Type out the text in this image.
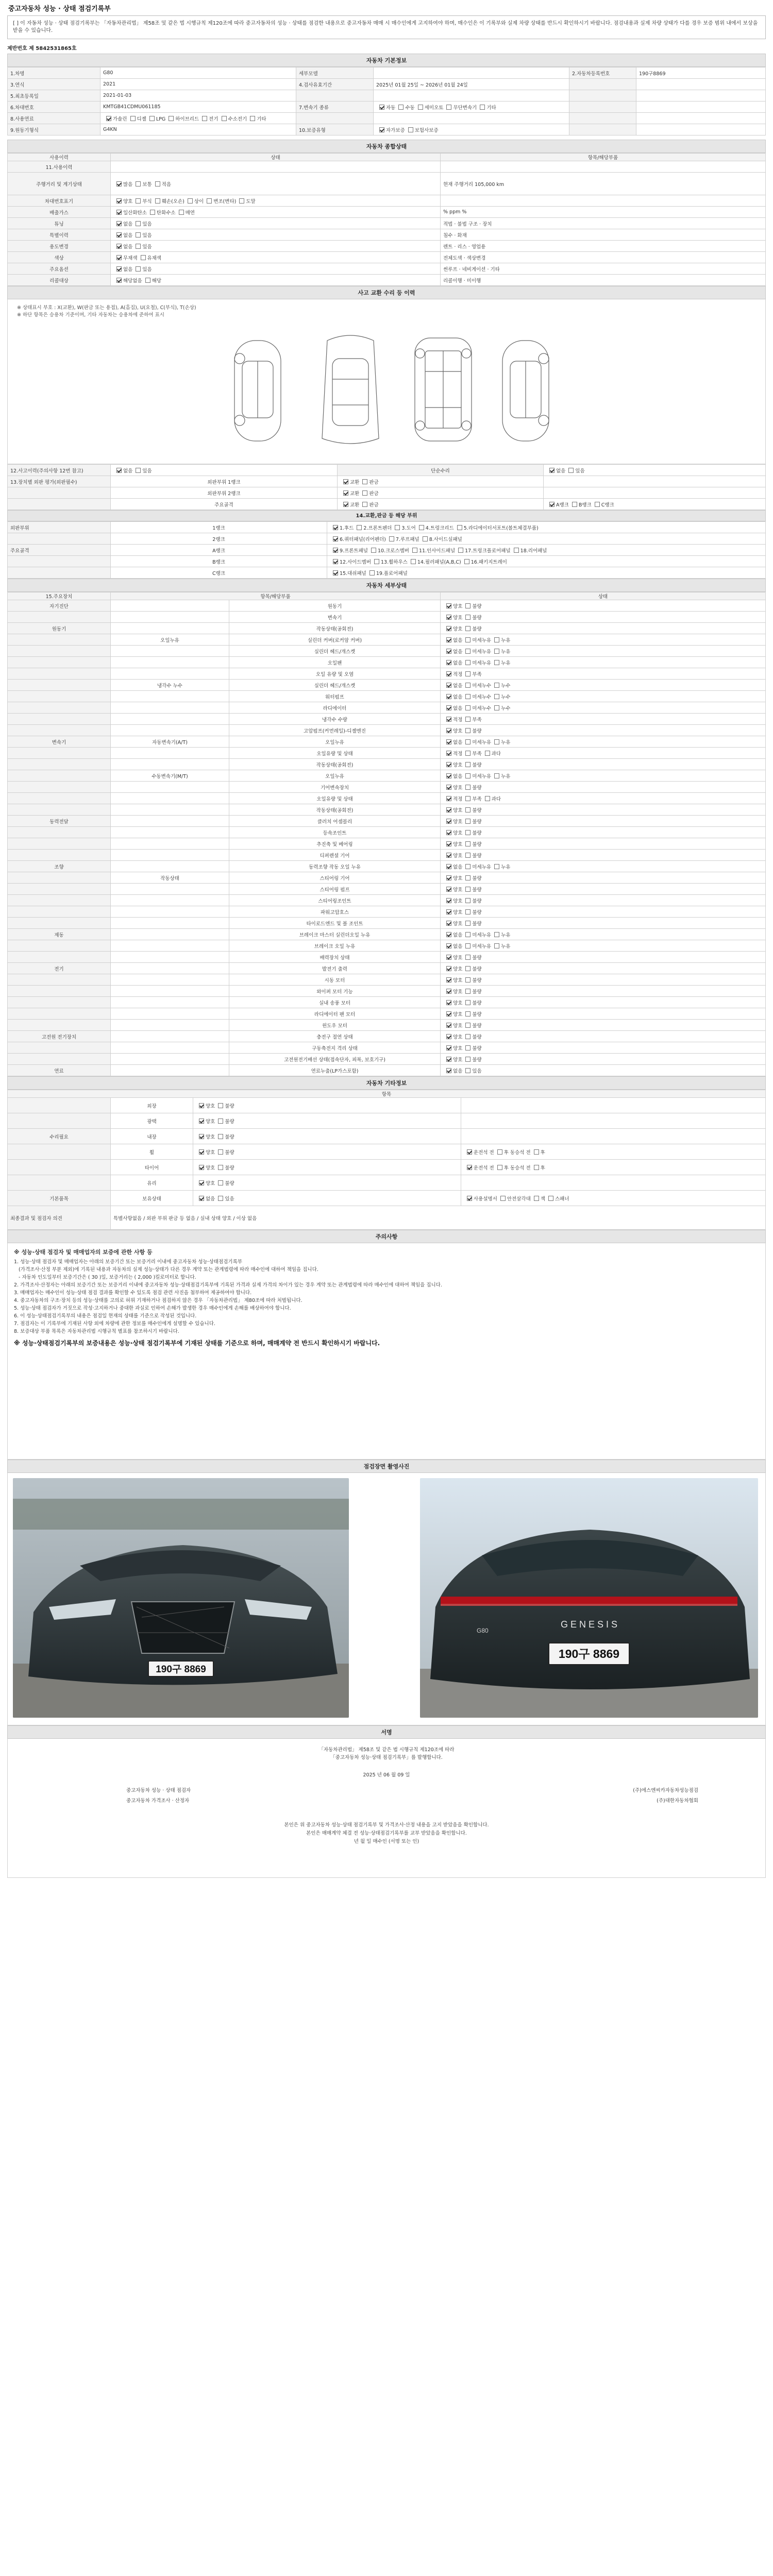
중고자동차 성능 · 상태 점검기록부
[ ] 이 자동차 성능 · 상태 점검기록부는 「자동차관리법」 제58조 및 같은 법 시행규칙 제120조에 따라 중고자동차의 성능 · 상태를 점검한 내용으로 중고자동차 매매 시 매수인에게 고지하여야 하며, 매수인은 이 기록부와 실제 차량 상태를 반드시 확인하시기 바랍니다. 점검내용과 실제 차량 상태가 다를 경우 보증 범위 내에서 보상을 받을 수 있습니다.
제반번호 제 5842531865호
자동차 기본정보
1.차명	G80	세부모델		2.자동차등록번호	190구8869
3.연식	2021	4.검사유효기간	2025년 01월 25일 ~ 2026년 01월 24일		
5.최초등록일	2021-01-03				
6.차대번호	KMTGB41CDMU061185	7.변속기 종류	자동 수동 세미오토 무단변속기 기타		
8.사용연료	가솔린 디젤 LPG 하이브리드 전기 수소전기 기타				
9.원동기형식	G4KN	10.보증유형	자가보증 보험사보증		
자동차 종합상태
사용이력	상태	항목/해당부품
11.사용이력		
주행거리 및 계기상태	많음 보통 적음	현재 주행거리 105,000 km
차대번호표기	양호 부식 훼손(오손) 상이 변조(변타) 도말	
배출가스	일산화탄소 탄화수소 매연	% ppm %
튜닝	없음 있음	적법 · 불법 구조 · 장치
특별이력	없음 있음	침수 · 화재
용도변경	없음 있음	렌트 · 리스 · 영업용
색상	무채색 유채색	전체도색 · 색상변경
주요옵션	없음 있음	썬루프 · 네비게이션 · 기타
리콜대상	해당없음 해당	리콜이행 · 미이행
사고 교환 수리 등 이력
※ 상태표시 부호 : X(교환), W(판금 또는 용접), A(흠집), U(요철), C(부식), T(손상)
※ 하단 항목은 승용차 기준이며, 기타 자동차는 승용차에 준하여 표시
12.사고이력(주의사항 12번 참고)	없음 있음	단순수리	없음 있음
13.장치별 외판 평가(외판필수)	외판부위 1랭크	교환 판금	
	외판부위 2랭크	교환 판금	
	주요골격	교환 판금	A랭크 B랭크 C랭크
14.교환,판금 등 해당 부위
외판부위	1랭크	1.후드 2.프론트펜더 3.도어 4.트렁크리드 5.라디에이터서포트(볼트체결부품)
	2랭크	6.쿼터패널(리어펜더) 7.루프패널 8.사이드실패널
주요골격	A랭크	9.프론트패널 10.크로스멤버 11.인사이드패널 17.트렁크플로어패널 18.리어패널
	B랭크	12.사이드멤버 13.휠하우스 14.필러패널(A,B,C) 16.패키지트레이
	C랭크	15.대쉬패널 19.플로어패널
자동차 세부상태
15.주요장치	항목/해당부품		상태
자기진단		원동기	양호 불량
		변속기	양호 불량
원동기		작동상태(공회전)	양호 불량
	오일누유	실린더 커버(로커암 커버)	없음 미세누유 누유
		실린더 헤드/개스켓	없음 미세누유 누유
		오일팬	없음 미세누유 누유
		오일 유량 및 오염	적정 부족
	냉각수 누수	실린더 헤드/개스켓	없음 미세누수 누수
		워터펌프	없음 미세누수 누수
		라디에이터	없음 미세누수 누수
		냉각수 수량	적정 부족
		고압펌프(커먼레일)-디젤엔진	양호 불량
변속기	자동변속기(A/T)	오일누유	없음 미세누유 누유
		오일유량 및 상태	적정 부족 과다
		작동상태(공회전)	양호 불량
	수동변속기(M/T)	오일누유	없음 미세누유 누유
		기어변속장치	양호 불량
		오일유량 및 상태	적정 부족 과다
		작동상태(공회전)	양호 불량
동력전달		클러치 어셈블리	양호 불량
		등속조인트	양호 불량
		추진축 및 베어링	양호 불량
		디퍼렌셜 기어	양호 불량
조향		동력조향 작동 오일 누유	없음 미세누유 누유
	작동상태	스티어링 기어	양호 불량
		스티어링 펌프	양호 불량
		스티어링조인트	양호 불량
		파워고압호스	양호 불량
		타이로드엔드 및 볼 조인트	양호 불량
제동		브레이크 마스터 실린더오일 누유	없음 미세누유 누유
		브레이크 오일 누유	없음 미세누유 누유
		배력장치 상태	양호 불량
전기		발전기 출력	양호 불량
		시동 모터	양호 불량
		와이퍼 모터 기능	양호 불량
		실내 송풍 모터	양호 불량
		라디에이터 팬 모터	양호 불량
		윈도우 모터	양호 불량
고전원 전기장치		충전구 절연 상태	양호 불량
		구동축전지 격리 상태	양호 불량
		고전원전기배선 상태(접속단자, 피복, 보호기구)	양호 불량
연료		연료누출(LP가스포함)	없음 있음
자동차 기타정보
항목			
	외장	양호 불량	
	광택	양호 불량	
수리필요	내장	양호 불량	
	휠	양호 불량	운전석 전 후 동승석 전 후
	타이어	양호 불량	운전석 전 후 동승석 전 후
	유리	양호 불량	
기본품목	보유상태	없음 있음	사용설명서 안전삼각대 잭 스패너
최종결과 및 점검자 의견	특별사항없음 / 외판 부위 판금 등 없음 / 실내 상태 양호 / 이상 없음		
주의사항
※ 성능·상태 점검자 및 매매업자의 보증에 관한 사항 등
1. 성능·상태 점검자 및 매매업자는 아래의 보증기간 또는 보증거리 이내에 중고자동차 성능·상태점검기록부
(가격조사·산정 부분 제외)에 기록된 내용과 자동차의 실제 성능·상태가 다른 경우 계약 또는 관계법령에 따라 매수인에 대하여 책임을 집니다.
- 자동차 인도일부터 보증기간은 ( 30 )일, 보증거리는 ( 2,000 )킬로미터로 합니다.
2. 가격조사·산정자는 아래의 보증기간 또는 보증거리 이내에 중고자동차 성능·상태점검기록부에 기록된 가격과 실제 가격의 차이가 있는 경우 계약 또는 관계법령에 따라 매수인에 대하여 책임을 집니다.
3. 매매업자는 매수인이 성능·상태 점검 결과를 확인할 수 있도록 점검 관련 사진을 첨부하여 제공하여야 합니다.
4. 중고자동차의 구조·장치 등의 성능·상태를 고의로 허위 기재하거나 점검하지 않은 경우 「자동차관리법」 제80조에 따라 처벌됩니다.
5. 성능·상태 점검자가 거짓으로 작성·고지하거나 중대한 과실로 인하여 손해가 발생한 경우 매수인에게 손해를 배상하여야 합니다.
6. 이 성능·상태점검기록부의 내용은 점검일 현재의 상태를 기준으로 작성된 것입니다.
7. 점검자는 이 기록부에 기재된 사항 외에 차량에 관한 정보를 매수인에게 설명할 수 있습니다.
8. 보증대상 부품 목록은 자동차관리법 시행규칙 별표를 참조하시기 바랍니다.
※ 성능·상태점검기록부의 보증내용은 성능·상태 점검기록부에 기재된 상태를 기준으로 하며, 매매계약 전 반드시 확인하시기 바랍니다.
점검장면 촬영사진
190구 8869
G E N E S I S
G80
190구 8869
서명
「자동차관리법」 제58조 및 같은 법 시행규칙 제120조에 따라
「중고자동차 성능·상태 점검기록부」를 발행합니다.
2025 년 06 월 09 일
중고자동차 성능 · 상태 점검자	(주)에스엔씨카자동차성능점검
중고자동차 가격조사 · 산정자	(주)대한자동차협회
본인은 위 중고자동차 성능·상태 점검기록부 및 가격조사·산정 내용을 고지 받았음을 확인합니다.
본인은 매매계약 체결 전 성능·상태점검기록부를 교부 받았음을 확인합니다.
년 월 일 매수인 (서명 또는 인)
